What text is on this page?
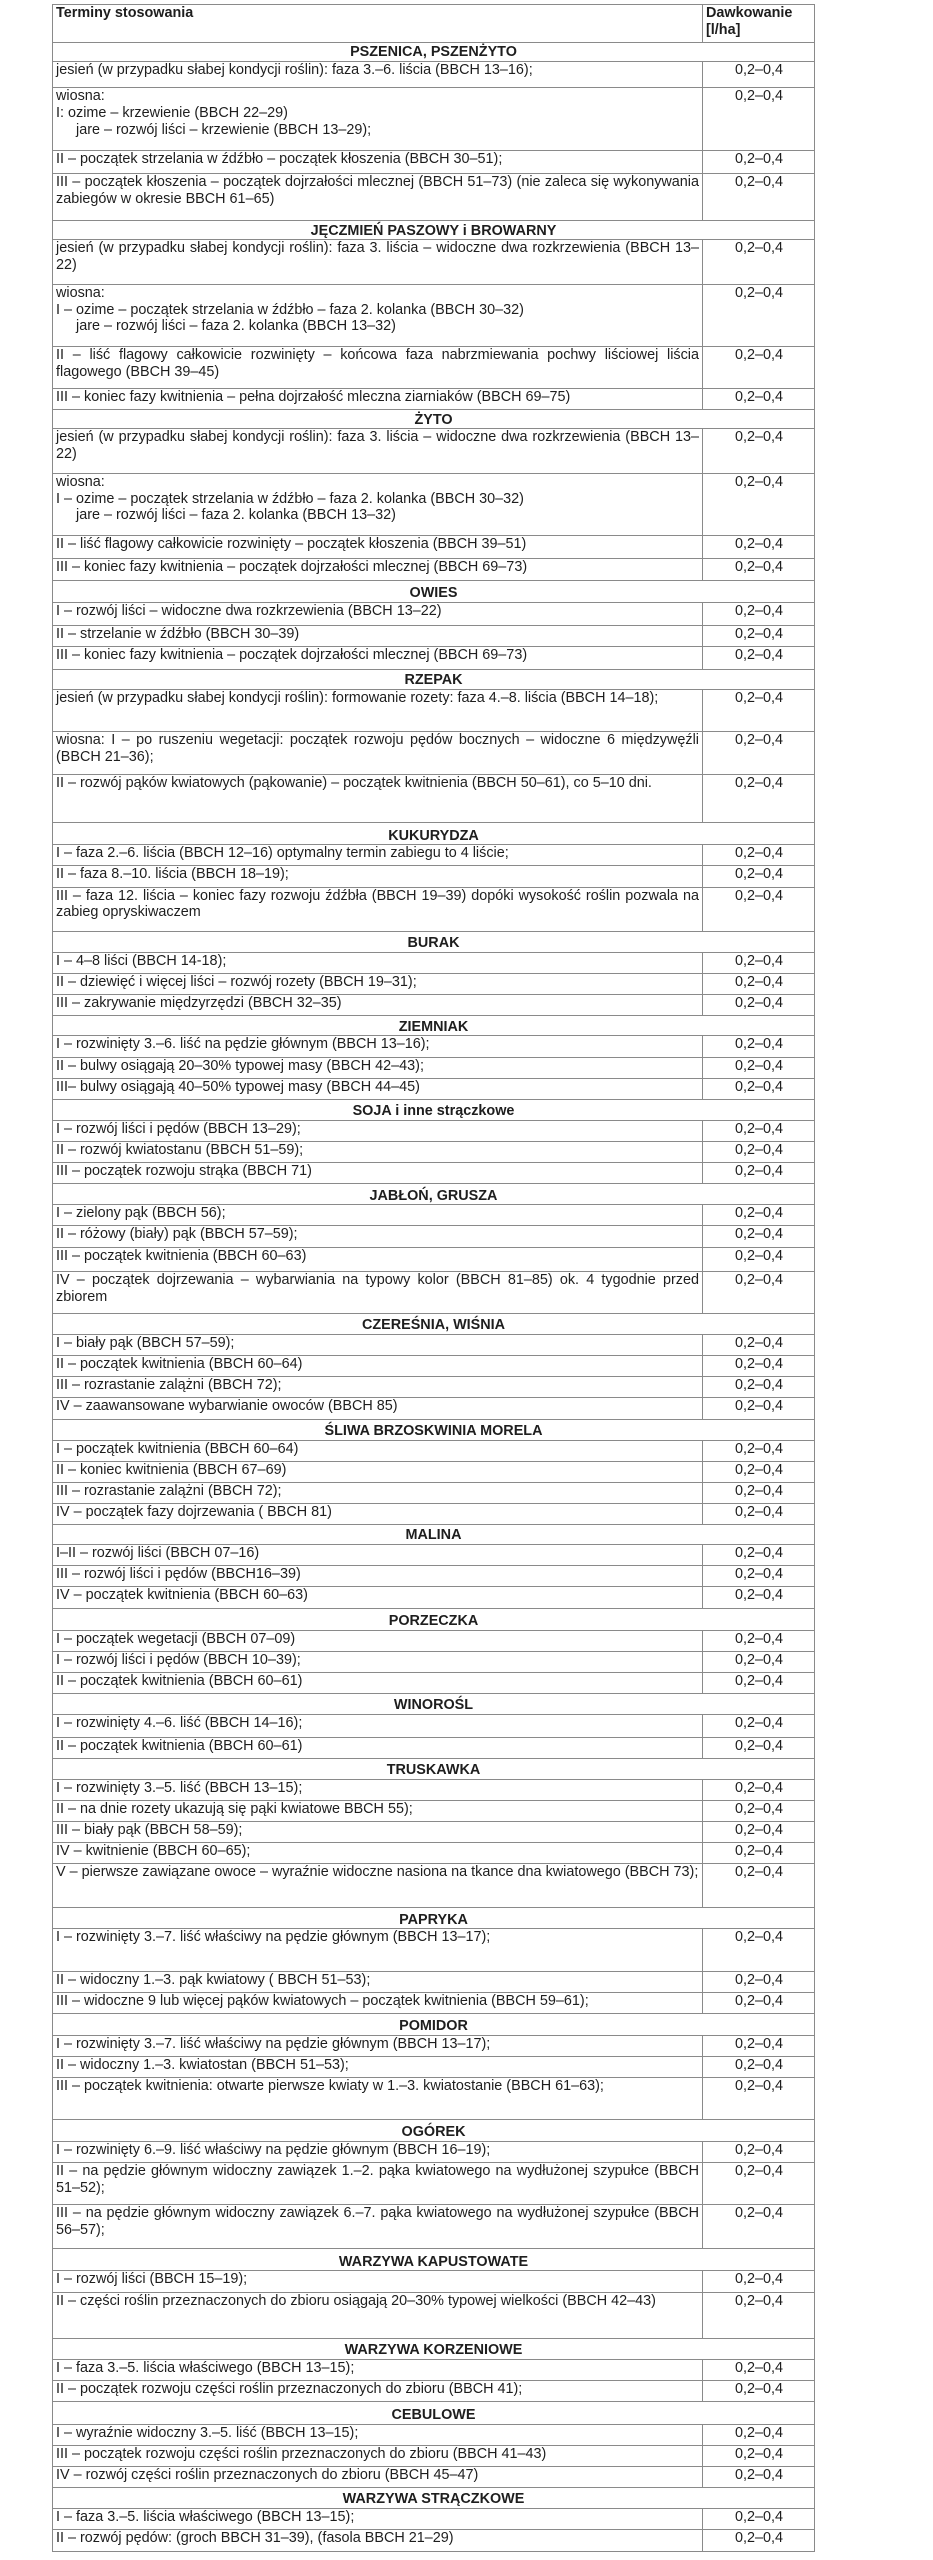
Terminy stosowania	Dawkowanie
[l/ha]

PSZENICA, PSZENŻYTO	

jesień (w przypadku słabej kondycji roślin): faza 3.–6. liścia (BBCH 13–16);	0,2–0,4

wiosna:
I: ozime – krzewienie (BBCH 22–29)
jare – rozwój liści – krzewienie (BBCH 13–29);	0,2–0,4

II – początek strzelania w źdźbło – początek kłoszenia (BBCH 30–51);	0,2–0,4

III – początek kłoszenia – początek dojrzałości mlecznej (BBCH 51–73) (nie zaleca się wykonywania zabiegów w okresie BBCH 61–65)	0,2–0,4
JĘCZMIEŃ PASZOWY i BROWARNY	

jesień (w przypadku słabej kondycji roślin): faza 3. liścia – widoczne dwa rozkrzewienia (BBCH 13–22)	0,2–0,4

wiosna:
I – ozime – początek strzelania w źdźbło – faza 2. kolanka (BBCH 30–32)
jare – rozwój liści – faza 2. kolanka (BBCH 13–32)	0,2–0,4

II – liść flagowy całkowicie rozwinięty – końcowa faza nabrzmiewania pochwy liściowej liścia flagowego (BBCH 39–45)	0,2–0,4

III – koniec fazy kwitnienia – pełna dojrzałość mleczna ziarniaków (BBCH 69–75)	0,2–0,4
ŻYTO	

jesień (w przypadku słabej kondycji roślin): faza 3. liścia – widoczne dwa rozkrzewienia (BBCH 13–22)	0,2–0,4

wiosna:
I – ozime – początek strzelania w źdźbło – faza 2. kolanka (BBCH 30–32)
jare – rozwój liści – faza 2. kolanka (BBCH 13–32)	0,2–0,4

II – liść flagowy całkowicie rozwinięty – początek kłoszenia (BBCH 39–51)	0,2–0,4

III – koniec fazy kwitnienia – początek dojrzałości mlecznej (BBCH 69–73)	0,2–0,4
OWIES	

I – rozwój liści – widoczne dwa rozkrzewienia (BBCH 13–22)	0,2–0,4

II – strzelanie w źdźbło (BBCH 30–39)	0,2–0,4

III – koniec fazy kwitnienia – początek dojrzałości mlecznej (BBCH 69–73)	0,2–0,4
RZEPAK	

jesień (w przypadku słabej kondycji roślin): formowanie rozety: faza 4.–8. liścia (BBCH 14–18);	0,2–0,4

wiosna: I – po ruszeniu wegetacji: początek rozwoju pędów bocznych – widoczne 6 międzywęźli (BBCH 21–36);	0,2–0,4

II – rozwój pąków kwiatowych (pąkowanie) – początek kwitnienia (BBCH 50–61), co 5–10 dni.	0,2–0,4
KUKURYDZA	

I – faza 2.–6. liścia (BBCH 12–16) optymalny termin zabiegu to 4 liście;	0,2–0,4

II – faza 8.–10. liścia (BBCH 18–19);	0,2–0,4

III – faza 12. liścia – koniec fazy rozwoju źdźbła (BBCH 19–39) dopóki wysokość roślin pozwala na zabieg opryskiwaczem	0,2–0,4
BURAK	

I – 4–8 liści (BBCH 14-18);	0,2–0,4

II – dziewięć i więcej liści – rozwój rozety (BBCH 19–31);	0,2–0,4

III – zakrywanie międzyrzędzi (BBCH 32–35)	0,2–0,4
ZIEMNIAK	

I – rozwinięty 3.–6. liść na pędzie głównym (BBCH 13–16);	0,2–0,4

II – bulwy osiągają 20–30% typowej masy (BBCH 42–43);	0,2–0,4

III– bulwy osiągają 40–50% typowej masy (BBCH 44–45)	0,2–0,4
SOJA i inne strączkowe	

I – rozwój liści i pędów (BBCH 13–29);	0,2–0,4

II – rozwój kwiatostanu (BBCH 51–59);	0,2–0,4

III – początek rozwoju strąka (BBCH 71)	0,2–0,4
JABŁOŃ, GRUSZA	

I – zielony pąk (BBCH 56);	0,2–0,4

II – różowy (biały) pąk (BBCH 57–59);	0,2–0,4

III – początek kwitnienia (BBCH 60–63)	0,2–0,4

IV – początek dojrzewania – wybarwiania na typowy kolor (BBCH 81–85) ok. 4 tygodnie przed zbiorem	0,2–0,4
CZEREŚNIA, WIŚNIA	

I – biały pąk (BBCH 57–59);	0,2–0,4

II – początek kwitnienia (BBCH 60–64)	0,2–0,4

III – rozrastanie zalążni (BBCH 72);	0,2–0,4

IV – zaawansowane wybarwianie owoców (BBCH 85)	0,2–0,4
ŚLIWA BRZOSKWINIA MORELA	

I – początek kwitnienia (BBCH 60–64)	0,2–0,4

II – koniec kwitnienia (BBCH 67–69)	0,2–0,4

III – rozrastanie zalążni (BBCH 72);	0,2–0,4

IV – początek fazy dojrzewania ( BBCH 81)	0,2–0,4
MALINA	

I–II – rozwój liści (BBCH 07–16)	0,2–0,4

III – rozwój liści i pędów (BBCH16–39)	0,2–0,4

IV – początek kwitnienia (BBCH 60–63)	0,2–0,4
PORZECZKA	

I – początek wegetacji (BBCH 07–09)	0,2–0,4

I – rozwój liści i pędów (BBCH 10–39);	0,2–0,4

II – początek kwitnienia (BBCH 60–61)	0,2–0,4
WINOROŚL	

I – rozwinięty 4.–6. liść (BBCH 14–16);	0,2–0,4

II – początek kwitnienia (BBCH 60–61)	0,2–0,4
TRUSKAWKA	

I – rozwinięty 3.–5. liść (BBCH 13–15);	0,2–0,4

II – na dnie rozety ukazują się pąki kwiatowe BBCH 55);	0,2–0,4

III – biały pąk (BBCH 58–59);	0,2–0,4

IV – kwitnienie (BBCH 60–65);	0,2–0,4

V – pierwsze zawiązane owoce – wyraźnie widoczne nasiona na tkance dna kwiatowego (BBCH 73);	0,2–0,4
PAPRYKA	

I – rozwinięty 3.–7. liść właściwy na pędzie głównym (BBCH 13–17);	0,2–0,4

II – widoczny 1.–3. pąk kwiatowy ( BBCH 51–53);	0,2–0,4

III – widoczne 9 lub więcej pąków kwiatowych – początek kwitnienia (BBCH 59–61);	0,2–0,4
POMIDOR	

I – rozwinięty 3.–7. liść właściwy na pędzie głównym (BBCH 13–17);	0,2–0,4

II – widoczny 1.–3. kwiatostan (BBCH 51–53);	0,2–0,4

III – początek kwitnienia: otwarte pierwsze kwiaty w 1.–3. kwiatostanie (BBCH 61–63);	0,2–0,4
OGÓREK	

I – rozwinięty 6.–9. liść właściwy na pędzie głównym (BBCH 16–19);	0,2–0,4

II – na pędzie głównym widoczny zawiązek 1.–2. pąka kwiatowego na wydłużonej szypułce (BBCH 51–52);	0,2–0,4

III – na pędzie głównym widoczny zawiązek 6.–7. pąka kwiatowego na wydłużonej szypułce (BBCH 56–57);	0,2–0,4
WARZYWA KAPUSTOWATE	

I – rozwój liści (BBCH 15–19);	0,2–0,4

II – części roślin przeznaczonych do zbioru osiągają 20–30% typowej wielkości (BBCH 42–43)	0,2–0,4
WARZYWA KORZENIOWE	

I – faza 3.–5. liścia właściwego (BBCH 13–15);	0,2–0,4

II – początek rozwoju części roślin przeznaczonych do zbioru (BBCH 41);	0,2–0,4
CEBULOWE	

I – wyraźnie widoczny 3.–5. liść (BBCH 13–15);	0,2–0,4

III – początek rozwoju części roślin przeznaczonych do zbioru (BBCH 41–43)	0,2–0,4

IV – rozwój części roślin przeznaczonych do zbioru (BBCH 45–47)	0,2–0,4
WARZYWA STRĄCZKOWE	

I – faza 3.–5. liścia właściwego (BBCH 13–15);	0,2–0,4

II – rozwój pędów: (groch BBCH 31–39), (fasola BBCH 21–29)	0,2–0,4
